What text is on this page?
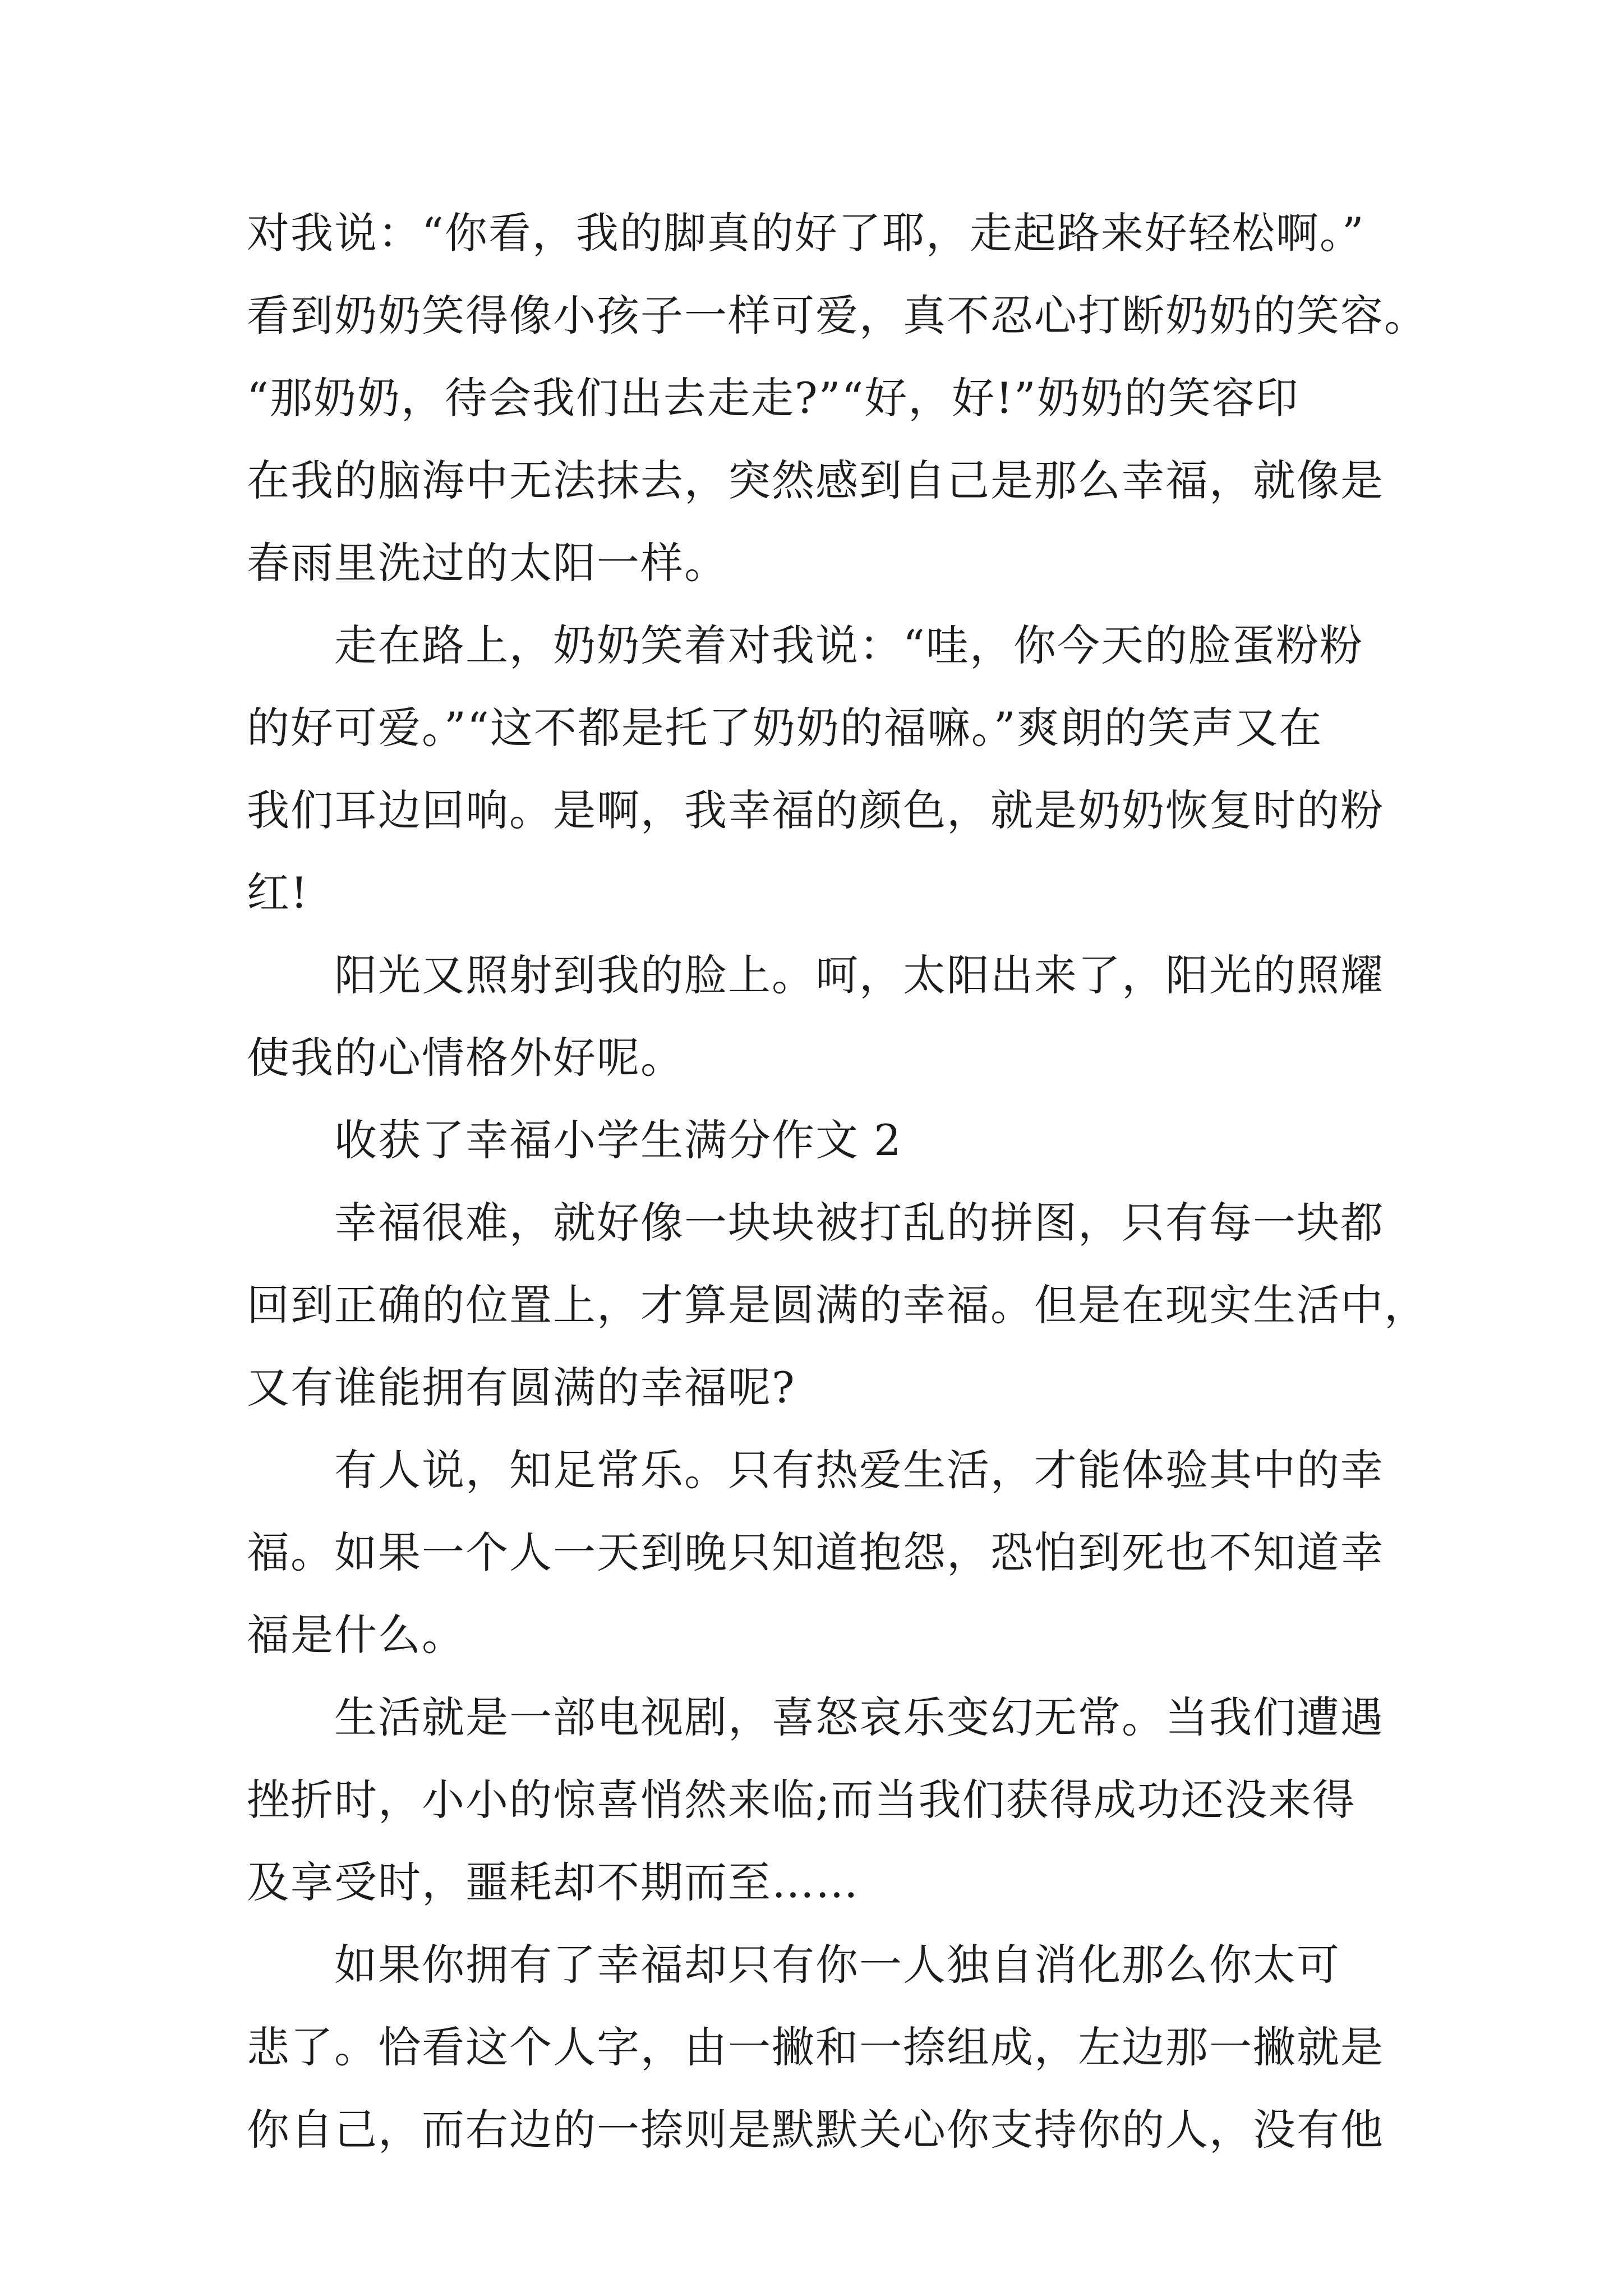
对我说：“你看，我的脚真的好了耶，走起路来好轻松啊。”
看到奶奶笑得像小孩子一样可爱，真不忍心打断奶奶的笑容。
“那奶奶，待会我们出去走走?”“好，好!”奶奶的笑容印
在我的脑海中无法抹去，突然感到自己是那么幸福，就像是
春雨里洗过的太阳一样。
走在路上，奶奶笑着对我说：“哇，你今天的脸蛋粉粉
的好可爱。”“这不都是托了奶奶的福嘛。”爽朗的笑声又在
我们耳边回响。是啊，我幸福的颜色，就是奶奶恢复时的粉
红!
阳光又照射到我的脸上。呵，太阳出来了，阳光的照耀
使我的心情格外好呢。
收获了幸福小学生满分作文 2
幸福很难，就好像一块块被打乱的拼图，只有每一块都
回到正确的位置上，才算是圆满的幸福。但是在现实生活中，
又有谁能拥有圆满的幸福呢?
有人说，知足常乐。只有热爱生活，才能体验其中的幸
福。如果一个人一天到晚只知道抱怨，恐怕到死也不知道幸
福是什么。
生活就是一部电视剧，喜怒哀乐变幻无常。当我们遭遇
挫折时，小小的惊喜悄然来临;而当我们获得成功还没来得
及享受时，噩耗却不期而至……
如果你拥有了幸福却只有你一人独自消化那么你太可
悲了。恰看这个人字，由一撇和一捺组成，左边那一撇就是
你自己，而右边的一捺则是默默关心你支持你的人，没有他
